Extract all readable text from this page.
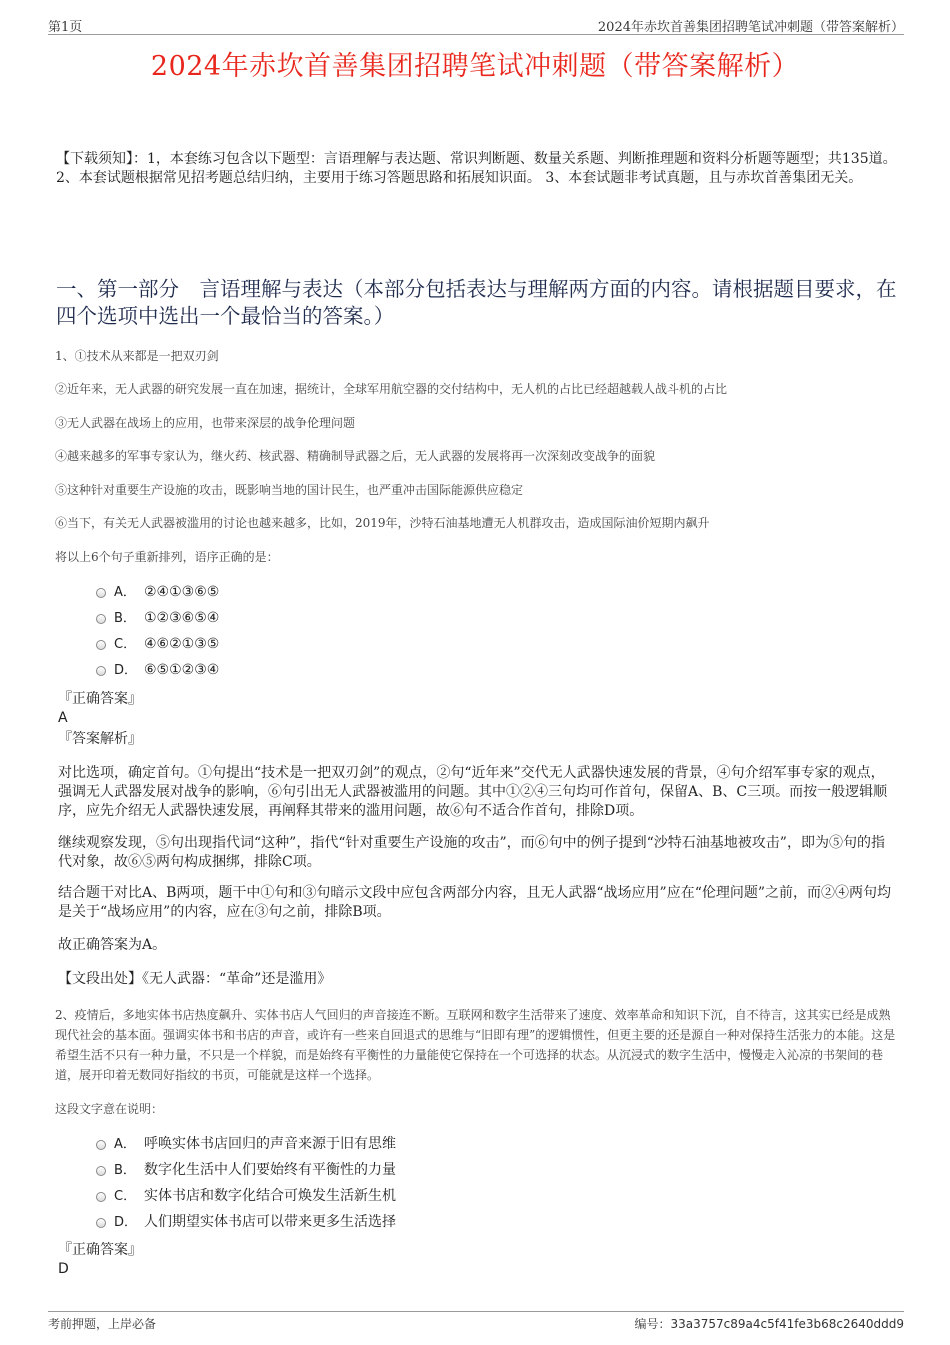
第1页	2024年赤坎首善集团招聘笔试冲刺题（带答案解析）
2024年赤坎首善集团招聘笔试冲刺题（带答案解析）
【下载须知】：1，本套练习包含以下题型：言语理解与表达题、常识判断题、数量关系题、判断推理题和资料分析题等题型；共135道。 2、本套试题根据常见招考题总结归纳，主要用于练习答题思路和拓展知识面。 3、本套试题非考试真题，且与赤坎首善集团无关。
一、第一部分　言语理解与表达（本部分包括表达与理解两方面的内容。请根据题目要求，在四个选项中选出一个最恰当的答案。）
1、①技术从来都是一把双刃剑
②近年来，无人武器的研究发展一直在加速，据统计，全球军用航空器的交付结构中，无人机的占比已经超越载人战斗机的占比
③无人武器在战场上的应用，也带来深层的战争伦理问题
④越来越多的军事专家认为，继火药、核武器、精确制导武器之后，无人武器的发展将再一次深刻改变战争的面貌
⑤这种针对重要生产设施的攻击，既影响当地的国计民生，也严重冲击国际能源供应稳定
⑥当下，有关无人武器被滥用的讨论也越来越多，比如，2019年，沙特石油基地遭无人机群攻击，造成国际油价短期内飙升
将以上6个句子重新排列，语序正确的是：
A． ②④①③⑥⑤
B． ①②③⑥⑤④
C． ④⑥②①③⑤
D． ⑥⑤①②③④
『正确答案』
A
『答案解析』
对比选项，确定首句。①句提出“技术是一把双刃剑”的观点，②句“近年来”交代无人武器快速发展的背景，④句介绍军事专家的观点，强调无人武器发展对战争的影响，⑥句引出无人武器被滥用的问题。其中①②④三句均可作首句，保留A、B、C三项。而按一般逻辑顺序，应先介绍无人武器快速发展，再阐释其带来的滥用问题，故⑥句不适合作首句，排除D项。
继续观察发现，⑤句出现指代词“这种”，指代“针对重要生产设施的攻击”，而⑥句中的例子提到“沙特石油基地被攻击”，即为⑤句的指代对象，故⑥⑤两句构成捆绑，排除C项。
结合题干对比A、B两项，题干中①句和③句暗示文段中应包含两部分内容，且无人武器“战场应用”应在“伦理问题”之前，而②④两句均是关于“战场应用”的内容，应在③句之前，排除B项。
故正确答案为A。
【文段出处】《无人武器：“革命”还是滥用》
2、疫情后，多地实体书店热度飙升、实体书店人气回归的声音接连不断。互联网和数字生活带来了速度、效率革命和知识下沉，自不待言，这其实已经是成熟现代社会的基本面。强调实体书和书店的声音，或许有一些来自回退式的思维与“旧即有理”的逻辑惯性，但更主要的还是源自一种对保持生活张力的本能。这是希望生活不只有一种力量，不只是一个样貌，而是始终有平衡性的力量能使它保持在一个可选择的状态。从沉浸式的数字生活中，慢慢走入沁凉的书架间的巷道，展开印着无数同好指纹的书页，可能就是这样一个选择。
这段文字意在说明：
A． 呼唤实体书店回归的声音来源于旧有思维
B． 数字化生活中人们要始终有平衡性的力量
C． 实体书店和数字化结合可焕发生活新生机
D． 人们期望实体书店可以带来更多生活选择
『正确答案』
D
考前押题，上岸必备	编号：33a3757c89a4c5f41fe3b68c2640ddd9
